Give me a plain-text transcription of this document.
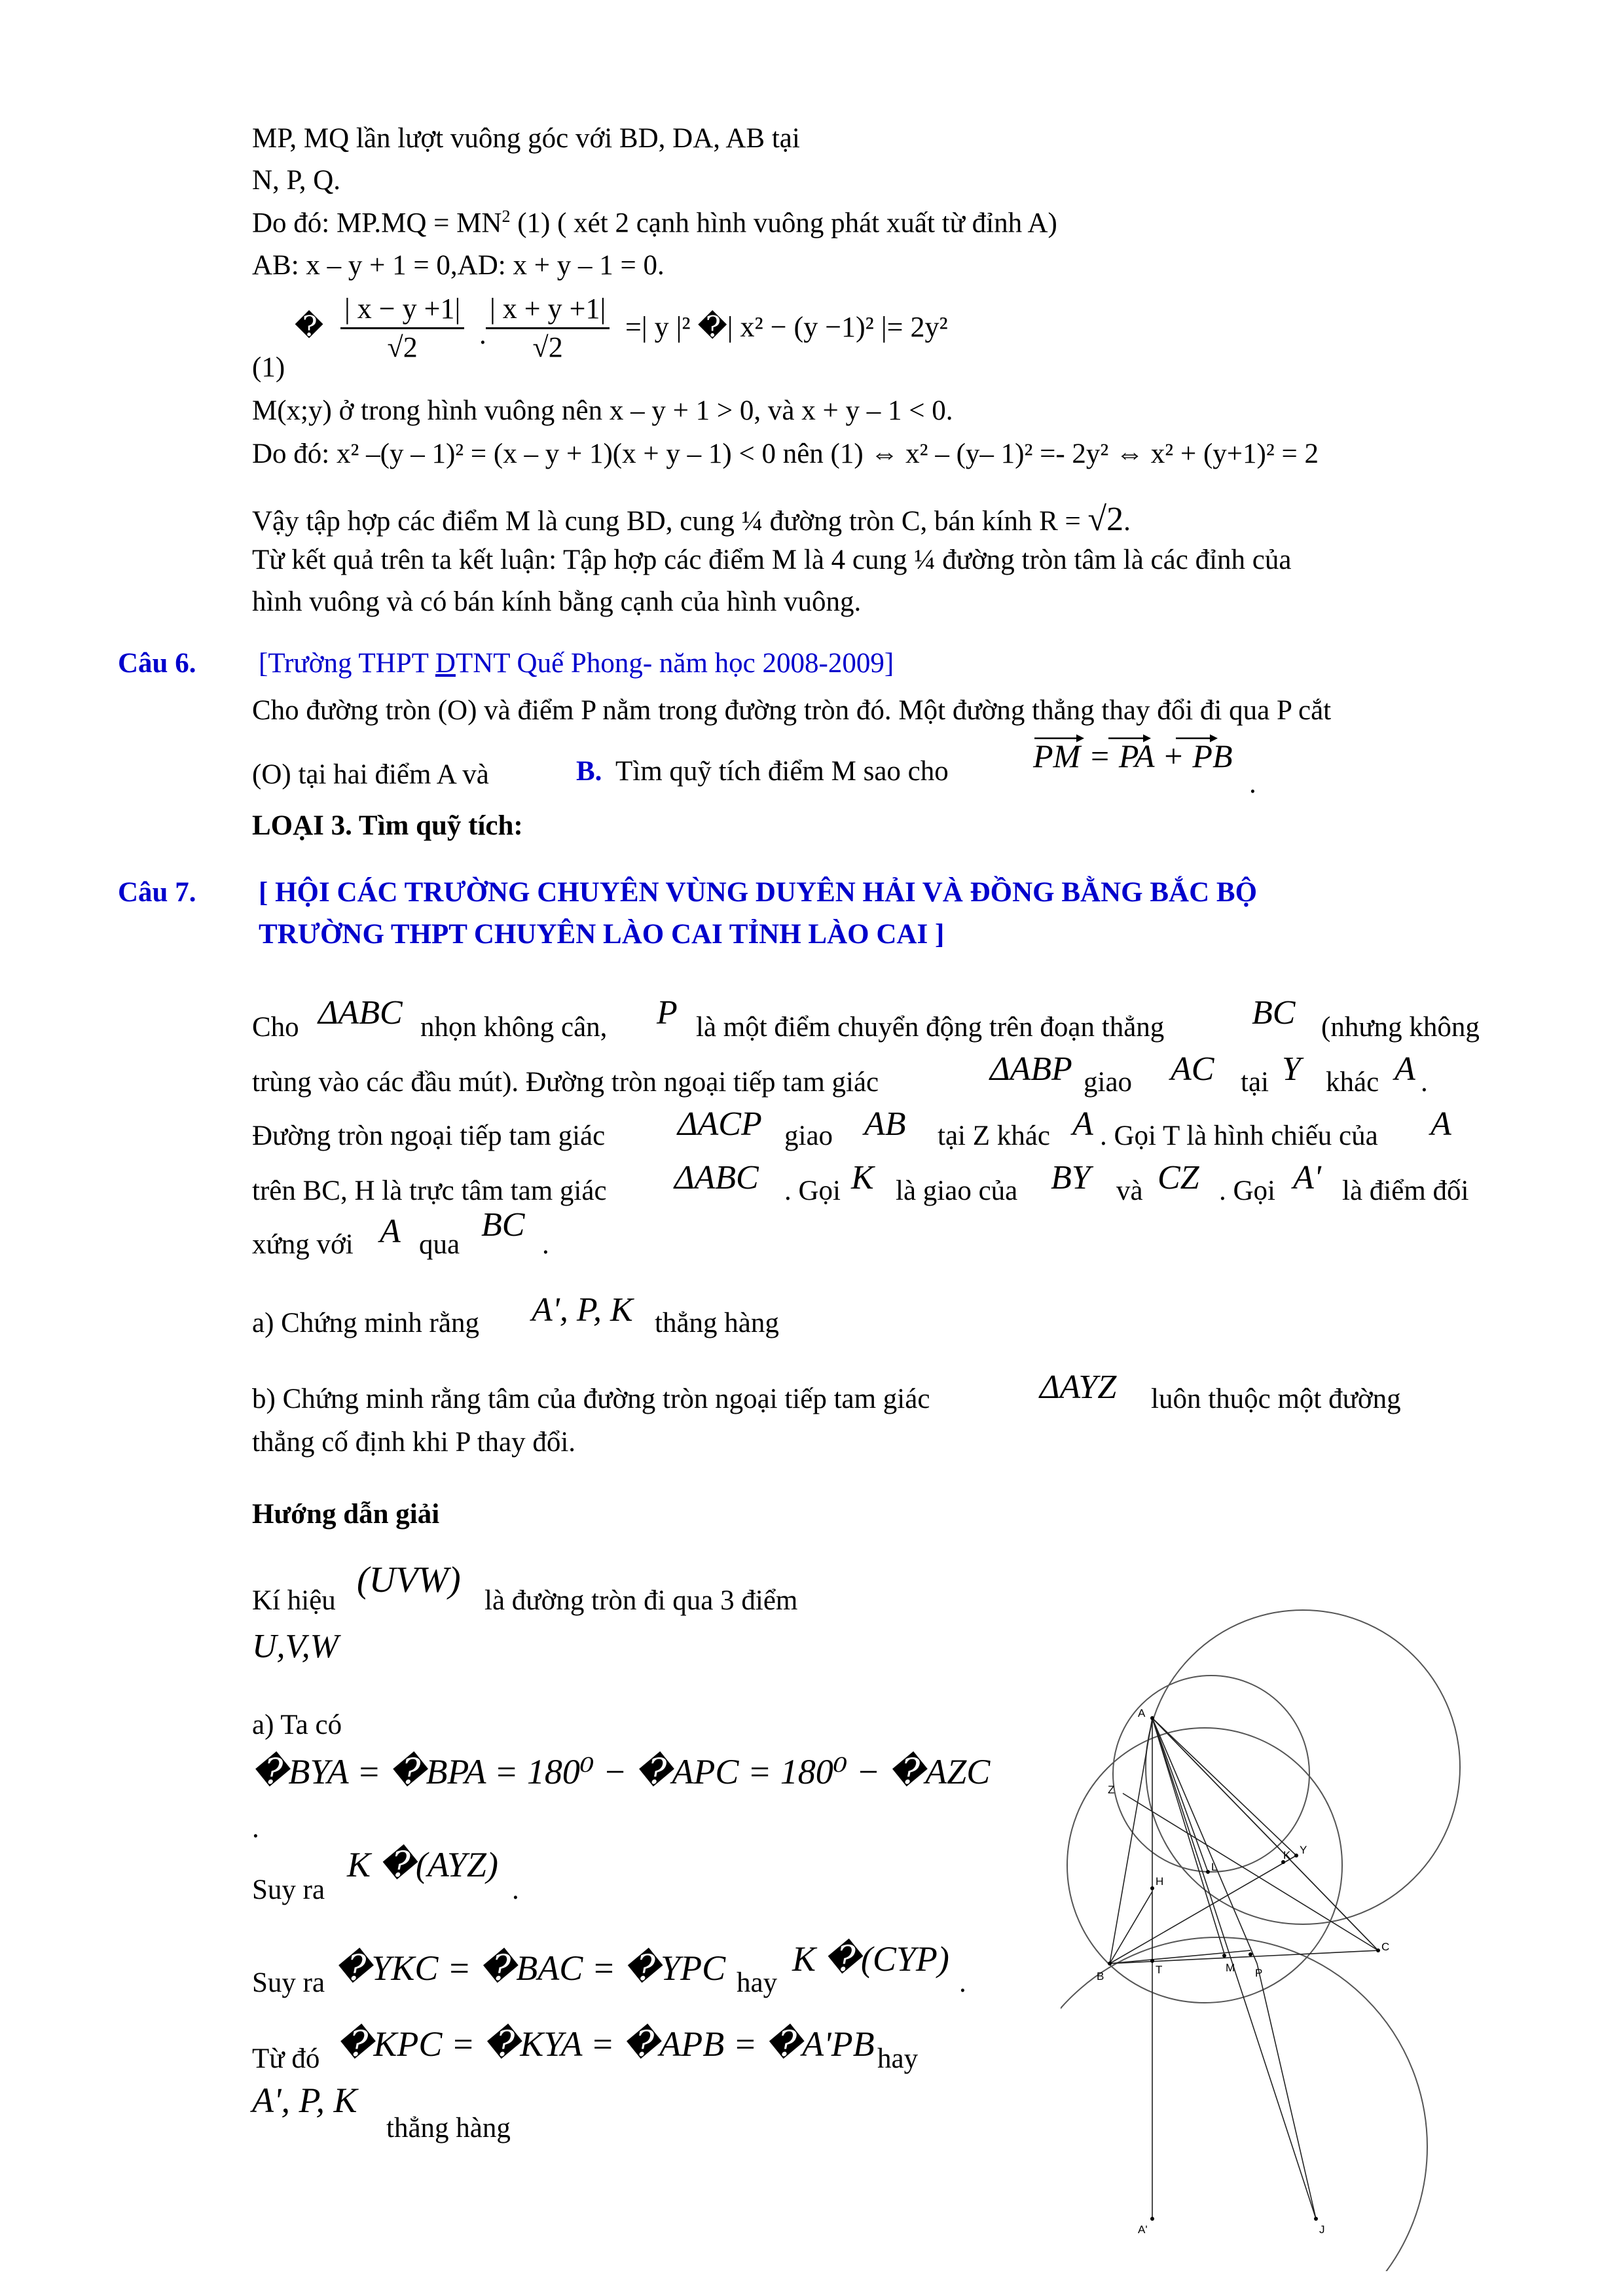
MP, MQ lần lượt vuông góc với BD, DA, AB tại
N, P, Q.
Do đó: $MP.MQ = MN^2$ (1) ( xét 2 cạnh hình vuông phát xuất từ đỉnh A)
AB: x – y + 1 = 0,AD: x + y – 1 = 0.
� $\frac{| x - y +1|}{√2}$ . $\frac{| x + y +1|}{√2}$ =| y |² �| x² − (y −1)² |= 2y²
(1)
M(x;y) ở trong hình vuông nên x – y + 1 > 0, và x + y – 1 < 0.
Do đó: x² –(y – 1)² = (x – y + 1)(x + y – 1) < 0 nên (1) ⇔ x² – (y– 1)² =- 2y² ⇔ x² + (y+1)² = 2
Vậy tập hợp các điểm M là cung BD, cung ¼ đường tròn C, bán kính R = √2.
Từ kết quả trên ta kết luận: Tập hợp các điểm M là 4 cung ¼ đường tròn tâm là các đỉnh của
hình vuông và có bán kính bằng cạnh của hình vuông.
Câu 6. [Trường THPT DTNT Quế Phong- năm học 2008-2009]
Cho đường tròn (O) và điểm P nằm trong đường tròn đó. Một đường thẳng thay đổi đi qua P cắt
(O) tại hai điểm A và	B. Tìm quỹ tích điểm M sao cho	PM = PA + PB
.
LOẠI 3. Tìm quỹ tích:
Câu 7. [ HỘI CÁC TRƯỜNG CHUYÊN VÙNG DUYÊN HẢI VÀ ĐỒNG BẰNG BẮC BỘ
TRƯỜNG THPT CHUYÊN LÀO CAI TỈNH LÀO CAI ]
Cho ΔABC nhọn không cân, P là một điểm chuyển động trên đoạn thẳng	BC (nhưng không
trùng vào các đầu mút). Đường tròn ngoại tiếp tam giác	ΔABP giao AC tại Y khác A .
Đường tròn ngoại tiếp tam giác ΔACP giao AB tại Z khác A . Gọi T là hình chiếu của A
trên BC, H là trực tâm tam giác ΔABC . Gọi K là giao của BY và CZ . Gọi A' là điểm đối
xứng với A qua
BC
.
a) Chứng minh rằng A', P, K thẳng hàng
b) Chứng minh rằng tâm của đường tròn ngoại tiếp tam giác	ΔAYZ luôn thuộc một đường
thẳng cố định khi P thay đổi.
Hướng dẫn giải
Kí hiệu
(UVW)
là đường tròn đi qua 3 điểm
U,V,W
a) Ta có
�BYA = �BPA = 180⁰ − �APC = 180⁰ − �AZC
.
Suy ra
K �(AYZ)
.
Suy ra �YKC = �BAC = �YPC hay
K �(CYP)
.
Từ đó �KPC = �KYA = �APB = �A'PB hay
A', P, K
thẳng hàng
A
Z
H
L
K Y
B
T	M P
C
A'	J
